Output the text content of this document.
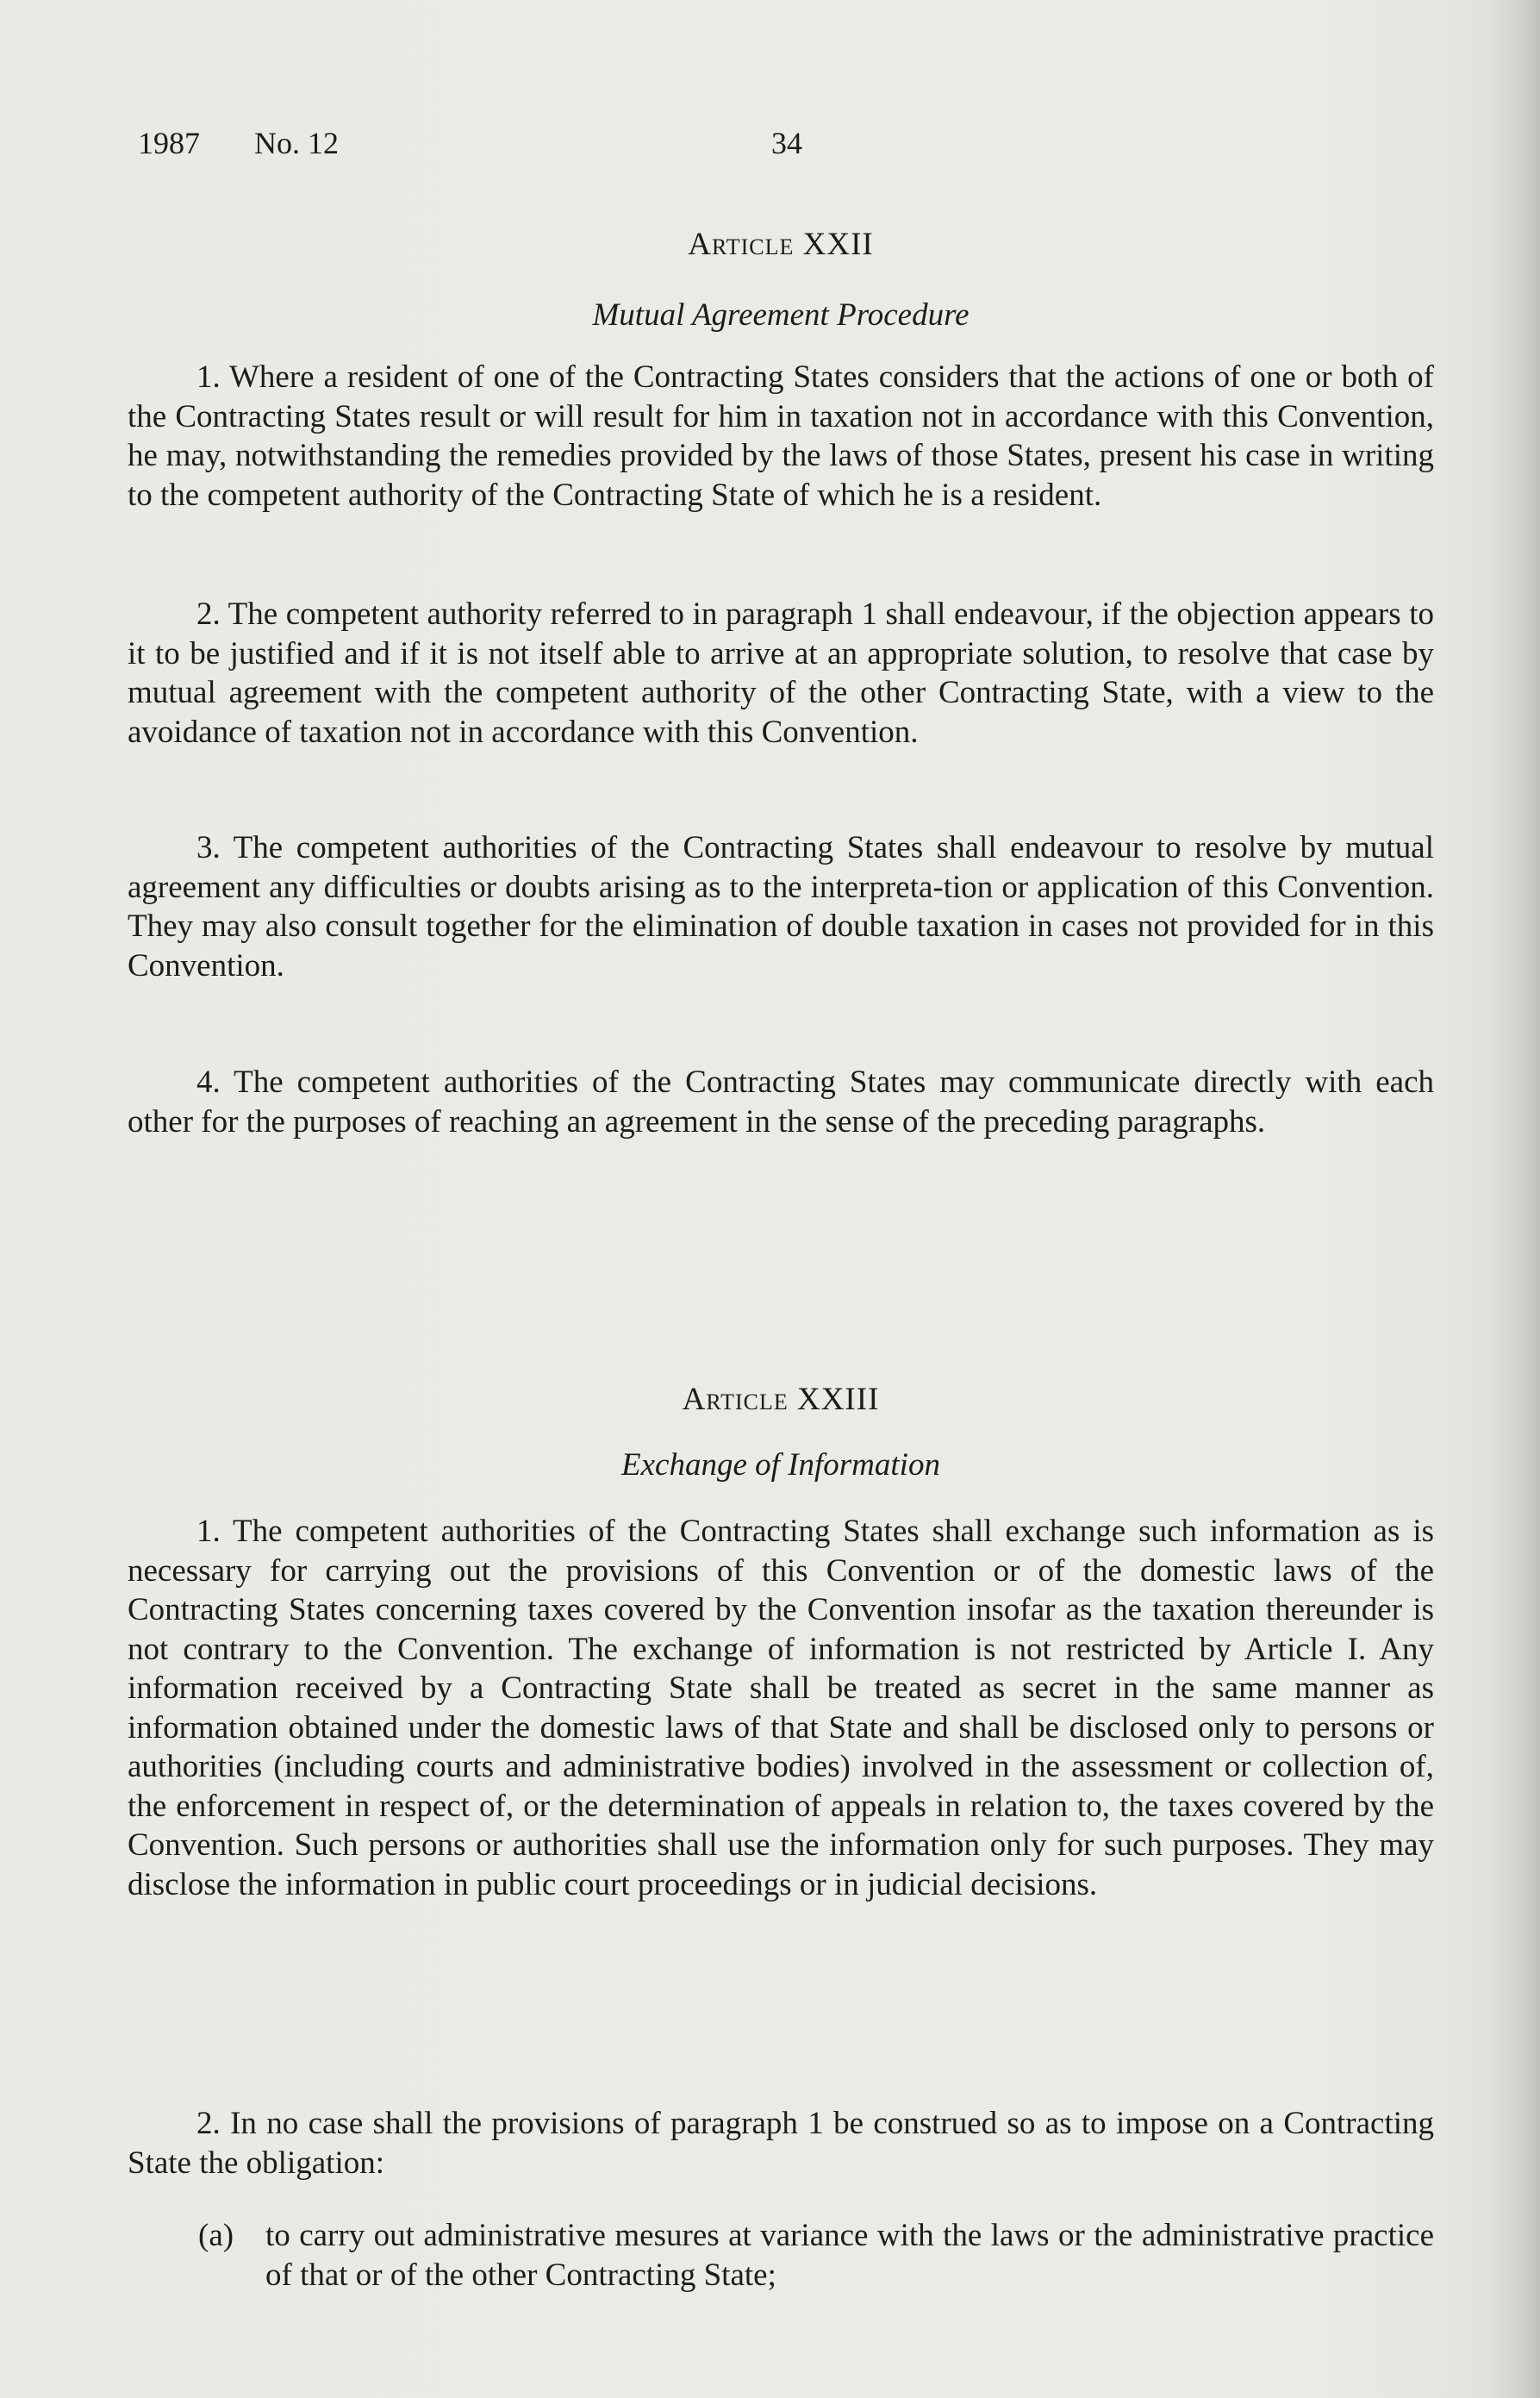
1987 No. 12	34

Article XXII

Mutual Agreement Procedure

1. Where a resident of one of the Contracting States considers that the actions of one or both of the Contracting States result or will result for him in taxation not in accordance with this Convention, he may, notwithstanding the remedies provided by the laws of those States, present his case in writing to the competent authority of the Contracting State of which he is a resident.

2. The competent authority referred to in paragraph 1 shall endeavour, if the objection appears to it to be justified and if it is not itself able to arrive at an appropriate solution, to resolve that case by mutual agreement with the competent authority of the other Contracting State, with a view to the avoidance of taxation not in accordance with this Convention.

3. The competent authorities of the Contracting States shall endeavour to resolve by mutual agreement any difficulties or doubts arising as to the interpreta-tion or application of this Convention. They may also consult together for the elimination of double taxation in cases not provided for in this Convention.

4. The competent authorities of the Contracting States may communicate directly with each other for the purposes of reaching an agreement in the sense of the preceding paragraphs.

Article XXIII

Exchange of Information

1. The competent authorities of the Contracting States shall exchange such information as is necessary for carrying out the provisions of this Convention or of the domestic laws of the Contracting States concerning taxes covered by the Convention insofar as the taxation thereunder is not contrary to the Convention. The exchange of information is not restricted by Article I. Any information received by a Contracting State shall be treated as secret in the same manner as information obtained under the domestic laws of that State and shall be disclosed only to persons or authorities (including courts and administrative bodies) involved in the assessment or collection of, the enforcement in respect of, or the determination of appeals in relation to, the taxes covered by the Convention. Such persons or authorities shall use the information only for such purposes. They may disclose the information in public court proceedings or in judicial decisions.

2. In no case shall the provisions of paragraph 1 be construed so as to impose on a Contracting State the obligation:

(a) to carry out administrative mesures at variance with the laws or the administrative practice of that or of the other Contracting State;
